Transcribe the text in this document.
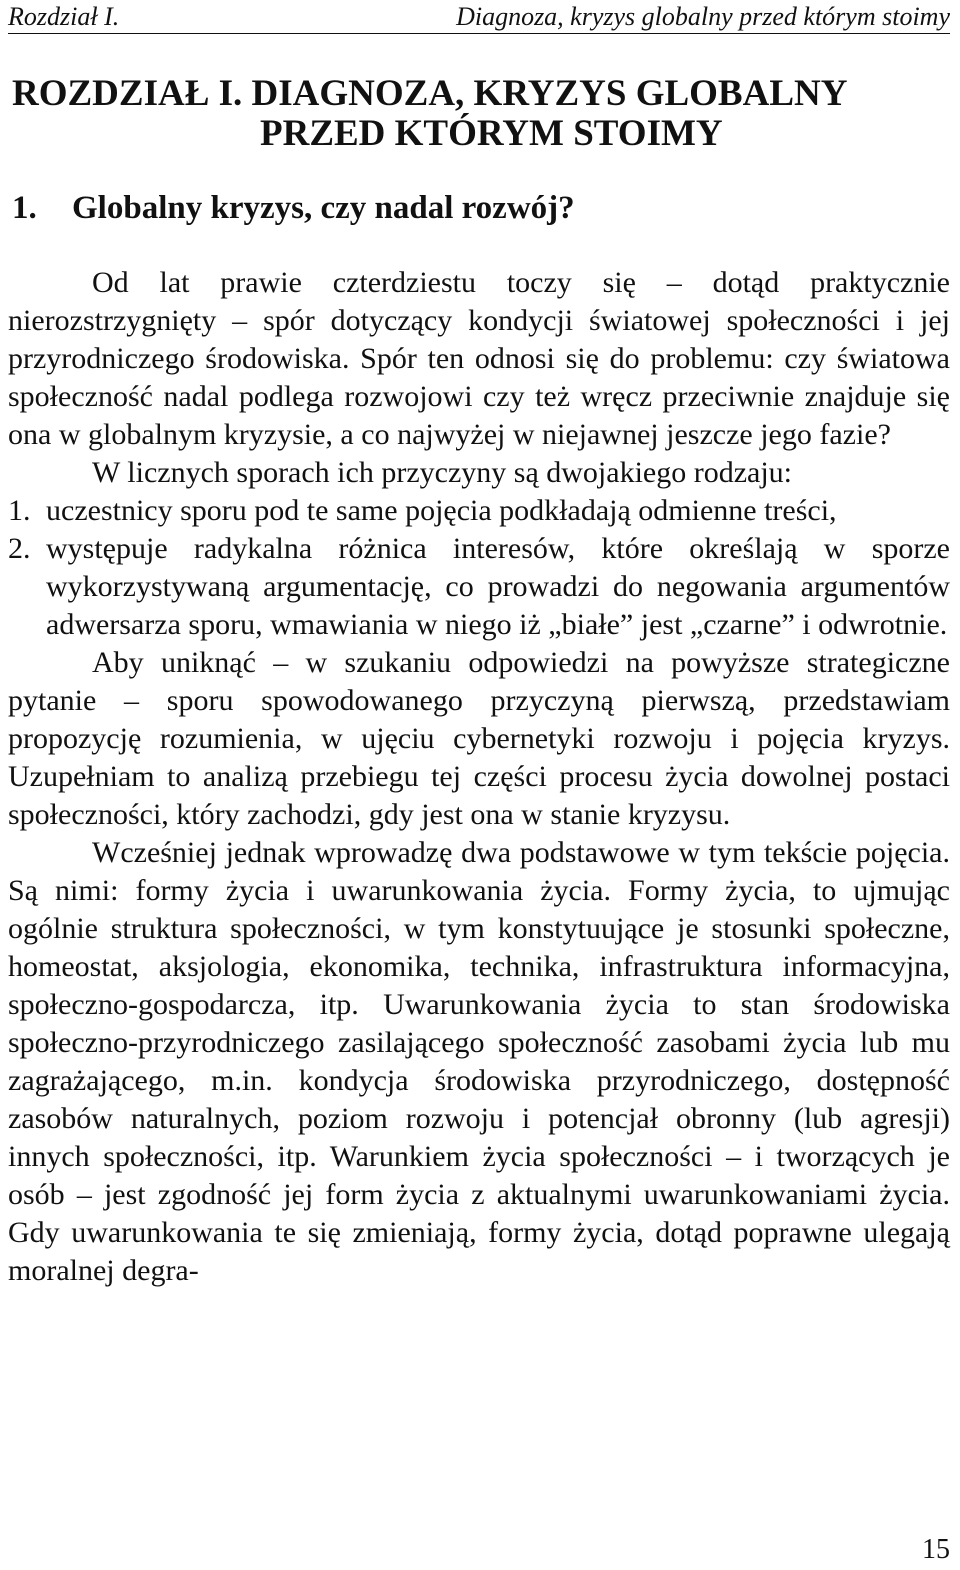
Rozdział I.	Diagnoza, kryzys globalny przed którym stoimy
ROZDZIAŁ I. DIAGNOZA, KRYZYS GLOBALNY
PRZED KTÓRYM STOIMY
1. Globalny kryzys, czy nadal rozwój?

Od lat prawie czterdziestu toczy się – dotąd praktycznie nierozstrzygnięty – spór dotyczący kondycji światowej społeczności i jej przyrodniczego środowiska. Spór ten odnosi się do problemu: czy światowa społeczność nadal podlega rozwojowi czy też wręcz przeciwnie znajduje się ona w globalnym kryzysie, a co najwyżej w niejawnej jeszcze jego fazie?

W licznych sporach ich przyczyny są dwojakiego rodzaju:

1. uczestnicy sporu pod te same pojęcia podkładają odmienne treści,
2. występuje radykalna różnica interesów, które określają w sporze wykorzystywaną argumentację, co prowadzi do negowania argumentów adwersarza sporu, wmawiania w niego iż „białe” jest „czarne” i odwrotnie.

Aby uniknąć – w szukaniu odpowiedzi na powyższe strategiczne pytanie – sporu spowodowanego przyczyną pierwszą, przedstawiam propozycję rozumienia, w ujęciu cybernetyki rozwoju i pojęcia kryzys. Uzupełniam to analizą przebiegu tej części procesu życia dowolnej postaci społeczności, który zachodzi, gdy jest ona w stanie kryzysu.

Wcześniej jednak wprowadzę dwa podstawowe w tym tekście pojęcia. Są nimi: formy życia i uwarunkowania życia. Formy życia, to ujmując ogólnie struktura społeczności, w tym konstytuujące je stosunki społeczne, homeostat, aksjologia, ekonomika, technika, infrastruktura informacyjna, społeczno-gospodarcza, itp. Uwarunkowania życia to stan środowiska społeczno-przyrodniczego zasilającego społeczność zasobami życia lub mu zagrażającego, m.in. kondycja środowiska przyrodniczego, dostępność zasobów naturalnych, poziom rozwoju i potencjał obronny (lub agresji) innych społeczności, itp. Warunkiem życia społeczności – i tworzących je osób – jest zgodność jej form życia z aktualnymi uwarunkowaniami życia. Gdy uwarunkowania te się zmieniają, formy życia, dotąd poprawne ulegają moralnej degra-

15
